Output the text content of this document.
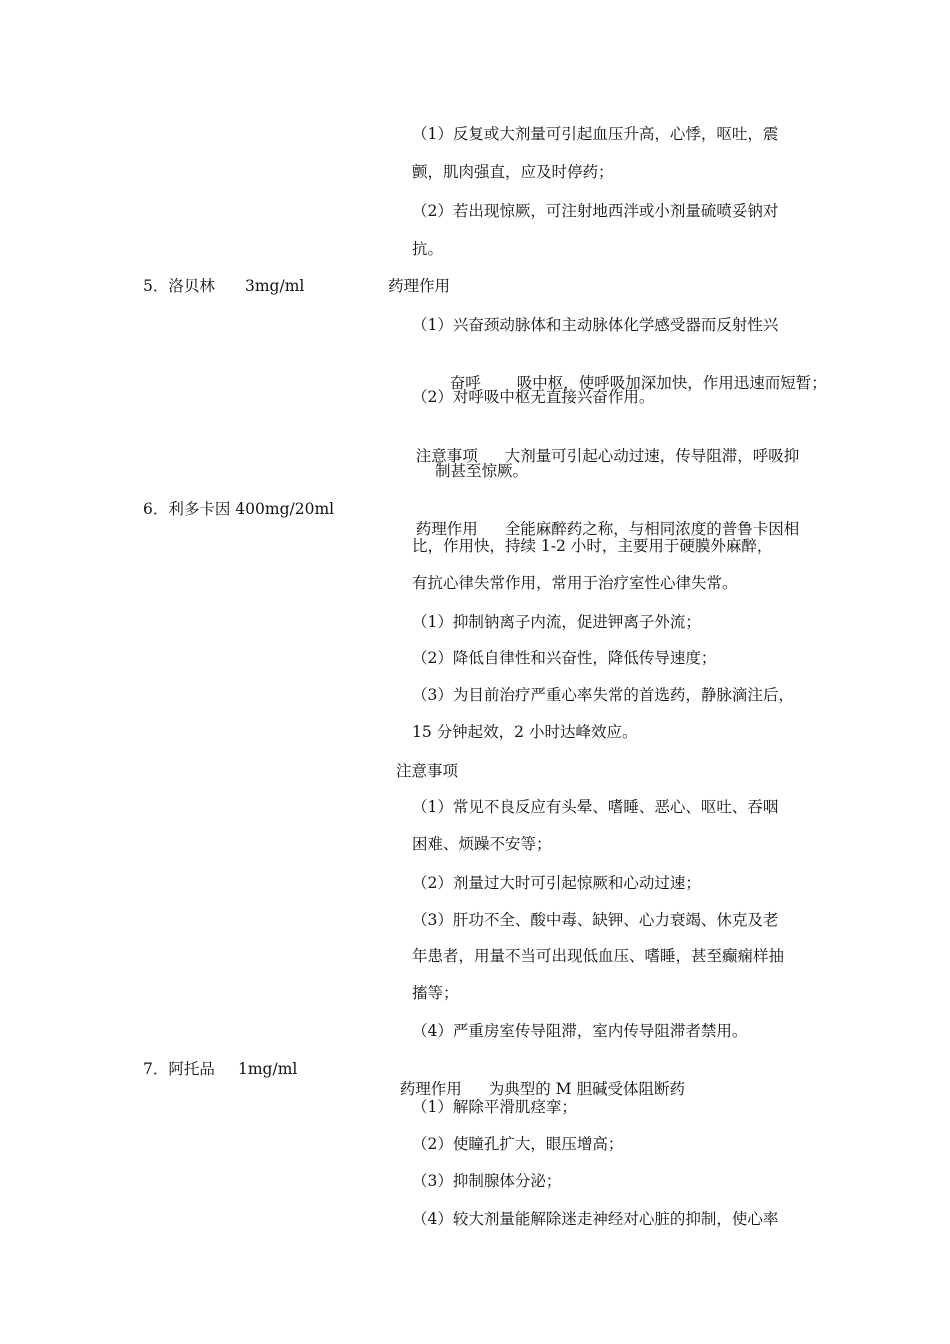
（1）反复或大剂量可引起血压升高，心悸，呕吐，震
颤，肌肉强直，应及时停药；
（2）若出现惊厥，可注射地西泮或小剂量硫喷妥钠对
抗。
5．洛贝林 3mg/ml	药理作用
（1）兴奋颈动脉体和主动脉体化学感受器而反射性兴

奋呼 吸中枢，使呼吸加深加快，作用迅速而短暂；

（2）对呼吸中枢无直接兴奋作用。

注意事项 大剂量可引起心动过速，传导阻滞，呼吸抑

制甚至惊厥。
6．利多卡因 400mg/20ml

药理作用 全能麻醉药之称，与相同浓度的普鲁卡因相

比，作用快，持续 1-2 小时，主要用于硬膜外麻醉，
有抗心律失常作用，常用于治疗室性心律失常。
（1）抑制钠离子内流，促进钾离子外流；
（2）降低自律性和兴奋性，降低传导速度；
（3）为目前治疗严重心率失常的首选药，静脉滴注后，
15 分钟起效，2 小时达峰效应。
注意事项
（1）常见不良反应有头晕、嗜睡、恶心、呕吐、吞咽
困难、烦躁不安等；
（2）剂量过大时可引起惊厥和心动过速；
（3）肝功不全、酸中毒、缺钾、心力衰竭、休克及老
年患者，用量不当可出现低血压、嗜睡，甚至癫痫样抽
搐等；
（4）严重房室传导阻滞，室内传导阻滞者禁用。
7．阿托品 1mg/ml

药理作用 为典型的 M 胆碱受体阻断药

（1）解除平滑肌痉挛；
（2）使瞳孔扩大，眼压增高；
（3）抑制腺体分泌；
（4）较大剂量能解除迷走神经对心脏的抑制，使心率
